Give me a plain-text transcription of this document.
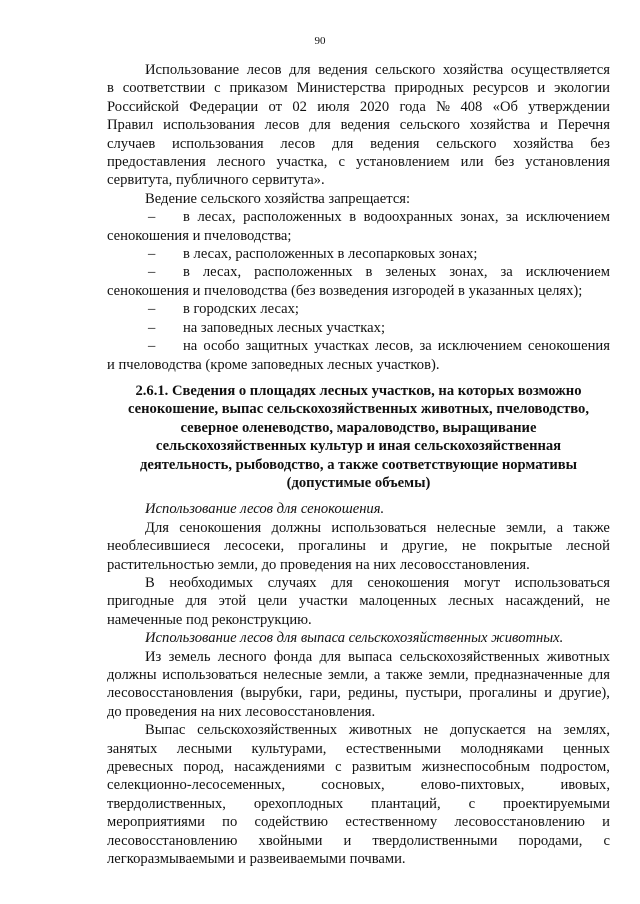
90
Использование лесов для ведения сельского хозяйства осуществляется
в соответствии с приказом Министерства природных ресурсов и экологии
Российской Федерации от 02 июля 2020 года № 408 «Об утверждении
Правил использования лесов для ведения сельского хозяйства и Перечня
случаев использования лесов для ведения сельского хозяйства без
предоставления лесного участка, с установлением или без установления
сервитута, публичного сервитута».
Ведение сельского хозяйства запрещается:
– в лесах, расположенных в водоохранных зонах, за исключением
сенокошения и пчеловодства;
–	в лесах, расположенных в лесопарковых зонах;
– в лесах, расположенных в зеленых зонах, за исключением
сенокошения и пчеловодства (без возведения изгородей в указанных целях);
–	в городских лесах;
–	на заповедных лесных участках;
– на особо защитных участках лесов, за исключением сенокошения
и пчеловодства (кроме заповедных лесных участков).
2.6.1. Сведения о площадях лесных участков, на которых возможно
сенокошение, выпас сельскохозяйственных животных, пчеловодство,
северное оленеводство, мараловодство, выращивание
сельскохозяйственных культур и иная сельскохозяйственная
деятельность, рыбоводство, а также соответствующие нормативы
(допустимые объемы)
Использование лесов для сенокошения.
Для сенокошения должны использоваться нелесные земли, а также
необлесившиеся лесосеки, прогалины и другие, не покрытые лесной
растительностью земли, до проведения на них лесовосстановления.
В необходимых случаях для сенокошения могут использоваться
пригодные для этой цели участки малоценных лесных насаждений, не
намеченные под реконструкцию.
Использование лесов для выпаса сельскохозяйственных животных.
Из земель лесного фонда для выпаса сельскохозяйственных животных
должны использоваться нелесные земли, а также земли, предназначенные для
лесовосстановления (вырубки, гари, редины, пустыри, прогалины и другие),
до проведения на них лесовосстановления.
Выпас сельскохозяйственных животных не допускается на землях,
занятых лесными культурами, естественными молодняками ценных
древесных пород, насаждениями с развитым жизнеспособным подростом,
селекционно-лесосеменных, сосновых, елово-пихтовых, ивовых,
твердолиственных, орехоплодных плантаций, с проектируемыми
мероприятиями по содействию естественному лесовосстановлению и
лесовосстановлению хвойными и твердолиственными породами, с
легкоразмываемыми и развеиваемыми почвами.
